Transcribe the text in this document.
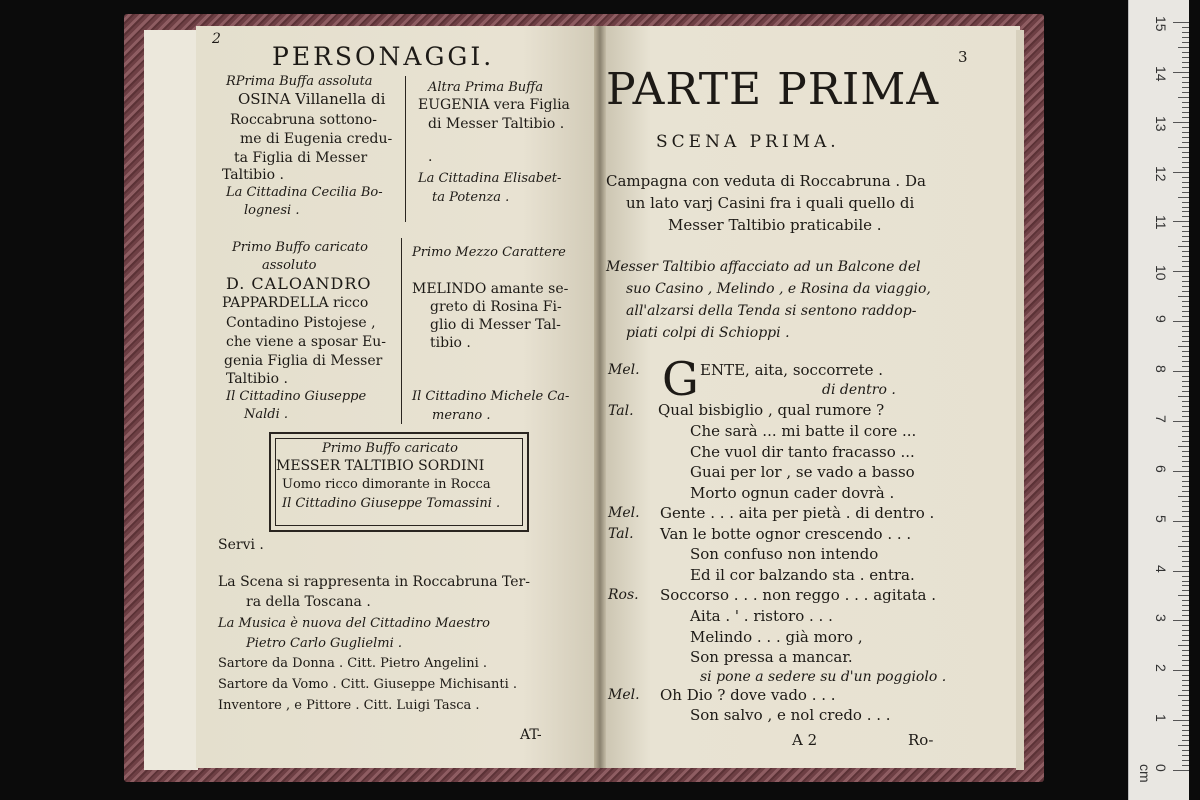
2
PERSONAGGI.
RPrima Buffa assoluta
OSINA Villanella di
Roccabruna sottono-
me di Eugenia credu-
ta Figlia di Messer
Taltibio .
La Cittadina Cecilia Bo-
lognesi .
Altra Prima Buffa
EUGENIA vera Figlia
di Messer Taltibio .
.
La Cittadina Elisabet-
ta Potenza .
Primo Buffo caricato
assoluto
D. CALOANDRO
PAPPARDELLA ricco
Contadino Pistojese ,
che viene a sposar Eu-
genia Figlia di Messer
Taltibio .
Il Cittadino Giuseppe
Naldi .
Primo Mezzo Carattere
MELINDO amante se-
greto di Rosina Fi-
glio di Messer Tal-
tibio .
Il Cittadino Michele Ca-
merano .
Primo Buffo caricato
MESSER TALTIBIO SORDINI
Uomo ricco dimorante in Rocca
Il Cittadino Giuseppe Tomassini .
Servi .
La Scena si rappresenta in Roccabruna Ter-
ra della Toscana .
La Musica è nuova del Cittadino Maestro
Pietro Carlo Guglielmi .
Sartore da Donna . Citt. Pietro Angelini .
Sartore da Vomo . Citt. Giuseppe Michisanti .
Inventore , e Pittore . Citt. Luigi Tasca .
AT-
3
PARTE PRIMA
SCENA PRIMA.
Campagna con veduta di Roccabruna . Da
un lato varj Casini fra i quali quello di
Messer Taltibio praticabile .
Messer Taltibio affacciato ad un Balcone del
suo Casino , Melindo , e Rosina da viaggio,
all'alzarsi della Tenda si sentono raddop-
piati colpi di Schioppi .
G
Mel.	ENTE, aita, soccorrete .
di dentro .
Tal. Qual bisbiglio , qual rumore ?
Che sarà ... mi batte il core ...
Che vuol dir tanto fracasso ...
Guai per lor , se vado a basso
Morto ognun cader dovrà .
Mel. Gente . . . aita per pietà . di dentro .
Tal. Van le botte ognor crescendo . . .
Son confuso non intendo
Ed il cor balzando sta . entra.
Ros. Soccorso . . . non reggo . . . agitata .
Aita . ' . ristoro . . .
Melindo . . . già moro ,
Son pressa a mancar.
si pone a sedere su d'un poggiolo .
Mel. Oh Dio ? dove vado . . .
Son salvo , e nol credo . . .
A 2	Ro-
0 cm
1
2
3
4
5
6
7
8
9
10
11
12
13
14
15
